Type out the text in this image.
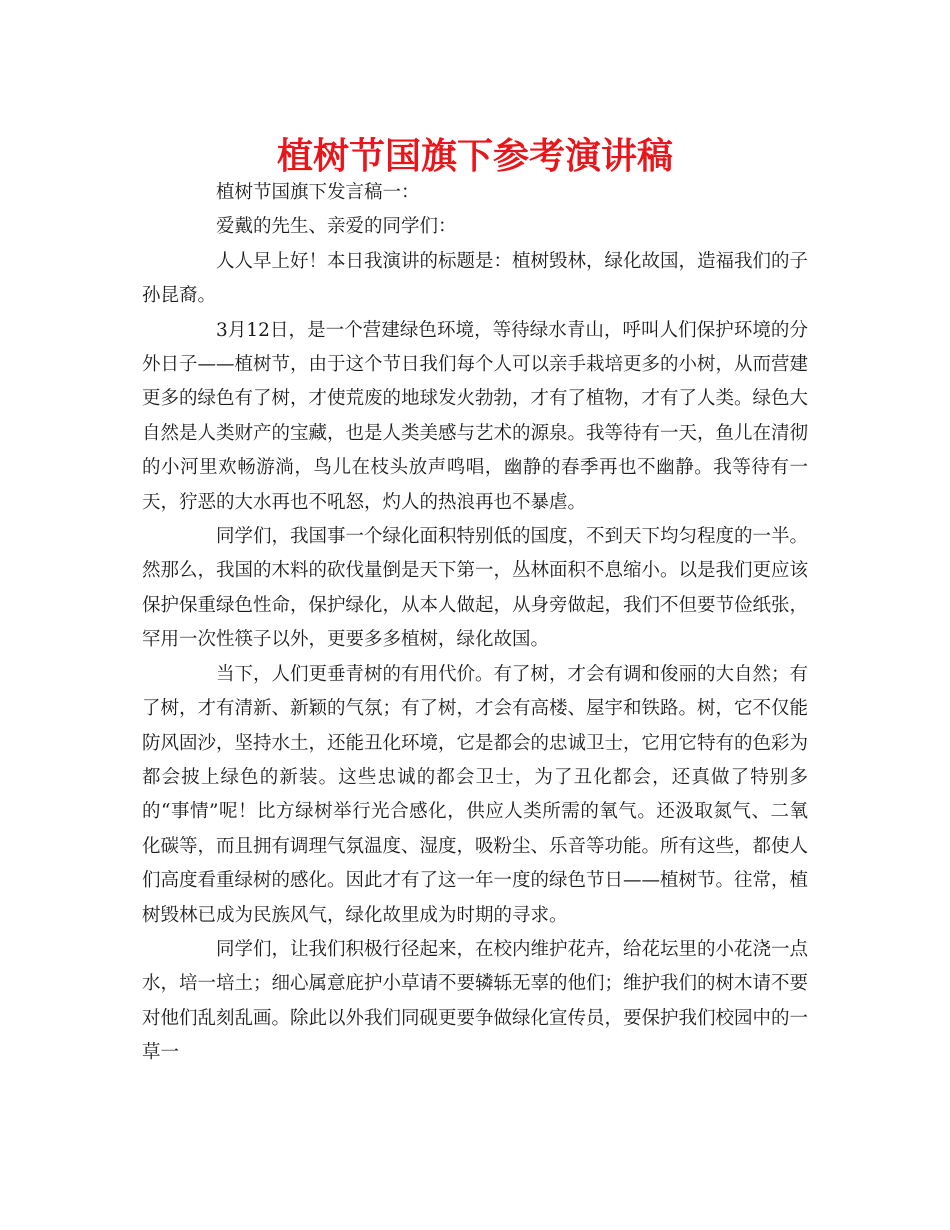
植树节国旗下参考演讲稿

植树节国旗下发言稿一：

爱戴的先生、亲爱的同学们：

人人早上好！本日我演讲的标题是：植树毁林，绿化故国，造福我们的子孙昆裔。

3月12日，是一个营建绿色环境，等待绿水青山，呼叫人们保护环境的分外日子——植树节，由于这个节日我们每个人可以亲手栽培更多的小树，从而营建更多的绿色有了树，才使荒废的地球发火勃勃，才有了植物，才有了人类。绿色大自然是人类财产的宝藏，也是人类美感与艺术的源泉。我等待有一天，鱼儿在清彻的小河里欢畅游淌，鸟儿在枝头放声鸣唱，幽静的春季再也不幽静。我等待有一天，狞恶的大水再也不吼怒，灼人的热浪再也不暴虐。

同学们，我国事一个绿化面积特别低的国度，不到天下均匀程度的一半。然那么，我国的木料的砍伐量倒是天下第一，丛林面积不息缩小。以是我们更应该保护保重绿色性命，保护绿化，从本人做起，从身旁做起，我们不但要节俭纸张，罕用一次性筷子以外，更要多多植树，绿化故国。

当下，人们更垂青树的有用代价。有了树，才会有调和俊丽的大自然；有了树，才有清新、新颖的气氛；有了树，才会有高楼、屋宇和铁路。树，它不仅能防风固沙，坚持水土，还能丑化环境，它是都会的忠诚卫士，它用它特有的色彩为都会披上绿色的新装。这些忠诚的都会卫士，为了丑化都会，还真做了特别多的“事情”呢！比方绿树举行光合感化，供应人类所需的氧气。还汲取氮气、二氧化碳等，而且拥有调理气氛温度、湿度，吸粉尘、乐音等功能。所有这些，都使人们高度看重绿树的感化。因此才有了这一年一度的绿色节日——植树节。往常，植树毁林已成为民族风气，绿化故里成为时期的寻求。

同学们，让我们积极行径起来，在校内维护花卉，给花坛里的小花浇一点水，培一培土；细心属意庇护小草请不要辚轹无辜的他们；维护我们的树木请不要对他们乱刻乱画。除此以外我们同砚更要争做绿化宣传员，要保护我们校园中的一草一
